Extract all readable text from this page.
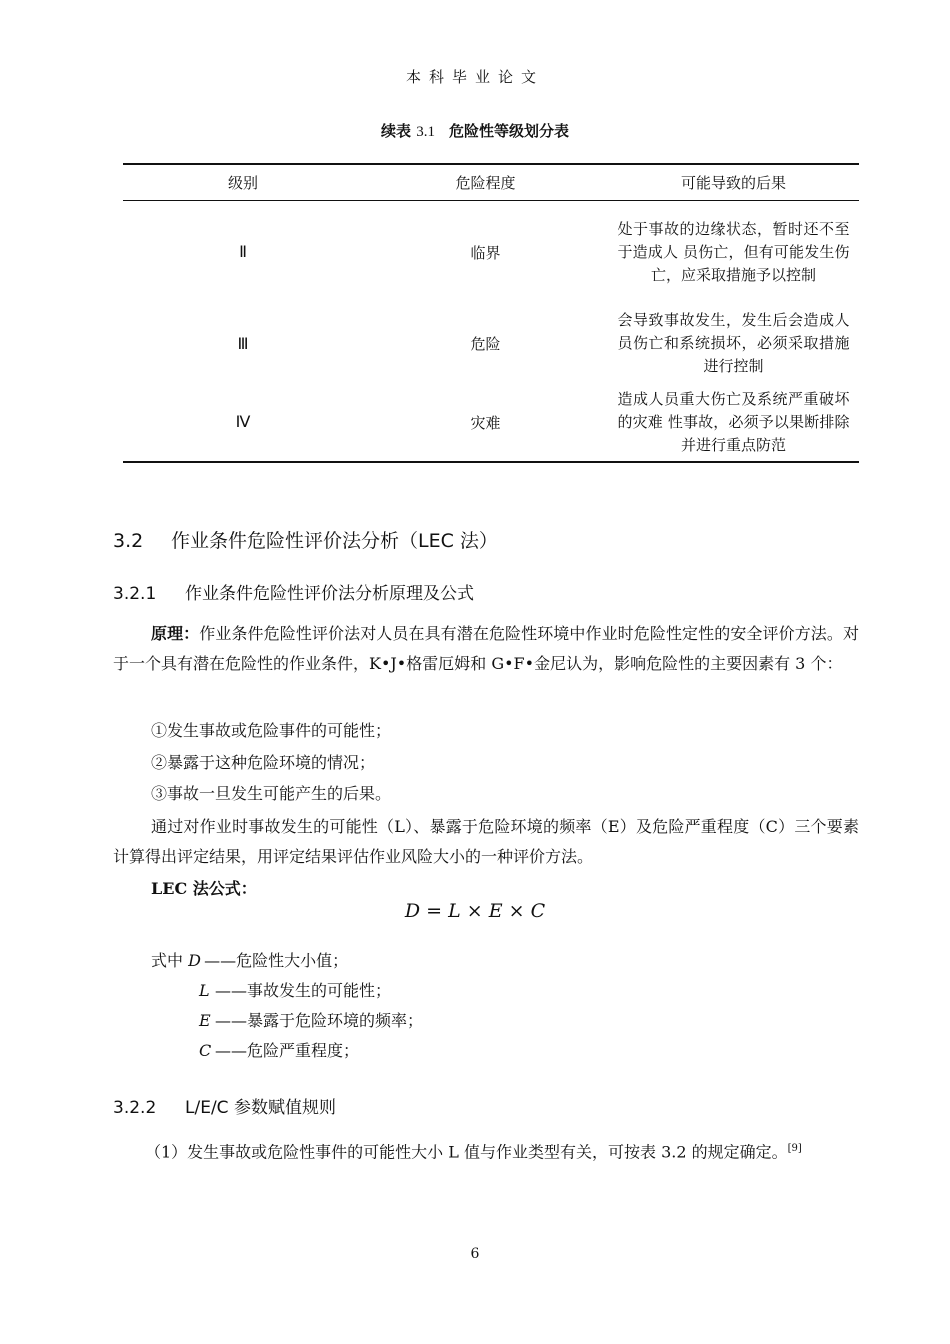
本科毕业论文
续表 3.1 危险性等级划分表
级别	危险程度	可能导致的后果
Ⅱ	临界	处于事故的边缘状态，暂时还不至于造成人 员伤亡，但有可能发生伤亡，应采取措施予以控制
Ⅲ	危险	会导致事故发生，发生后会造成人员伤亡和系统损坏，必须采取措施进行控制
Ⅳ	灾难	造成人员重大伤亡及系统严重破坏的灾难 性事故，必须予以果断排除并进行重点防范
3.2 作业条件危险性评价法分析（LEC 法）
3.2.1 作业条件危险性评价法分析原理及公式
原理：作业条件危险性评价法对人员在具有潜在危险性环境中作业时危险性定性的安全评价方法。对于一个具有潜在危险性的作业条件，K•J•格雷厄姆和 G•F•金尼认为，影响危险性的主要因素有 3 个：
①发生事故或危险事件的可能性；
②暴露于这种危险环境的情况；
③事故一旦发生可能产生的后果。
通过对作业时事故发生的可能性（L）、暴露于危险环境的频率（E）及危险严重程度（C）三个要素计算得出评定结果，用评定结果评估作业风险大小的一种评价方法。
LEC 法公式：
D = L × E × C
式中 D ——危险性大小值；
L ——事故发生的可能性；
E ——暴露于危险环境的频率；
C ——危险严重程度；
3.2.2 L/E/C 参数赋值规则
（1）发生事故或危险性事件的可能性大小 L 值与作业类型有关，可按表 3.2 的规定确定。[9]
6
